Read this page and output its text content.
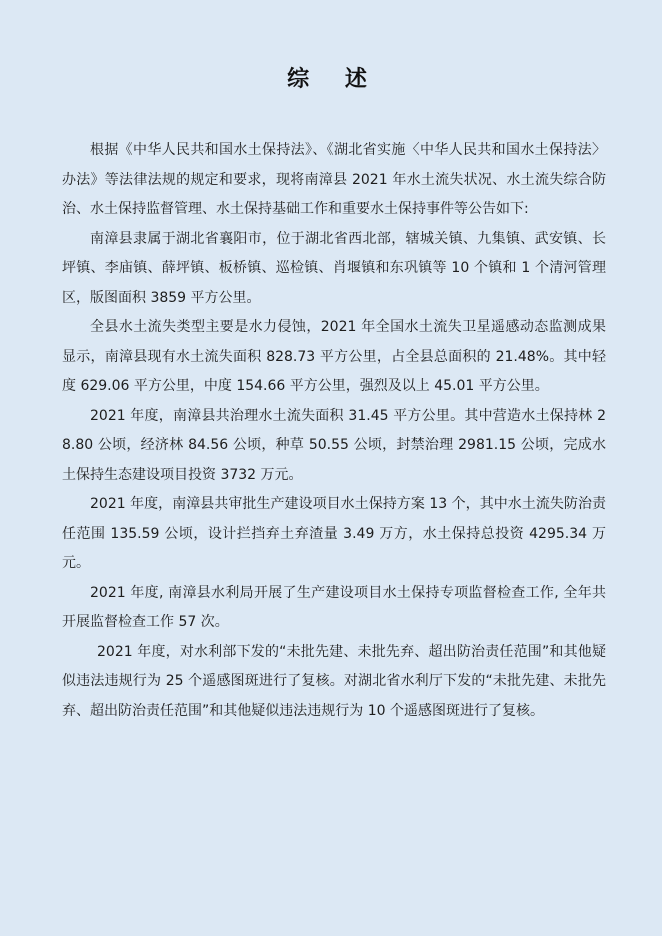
综 述

根据《中华人民共和国水土保持法》、《湖北省实施〈中华人民共和国水土保持法〉办法》等法律法规的规定和要求，现将南漳县 2021 年水土流失状况、水土流失综合防治、水土保持监督管理、水土保持基础工作和重要水土保持事件等公告如下:

南漳县隶属于湖北省襄阳市，位于湖北省西北部，辖城关镇、九集镇、武安镇、长坪镇、李庙镇、薛坪镇、板桥镇、巡检镇、肖堰镇和东巩镇等 10 个镇和 1 个清河管理区，版图面积 3859 平方公里。

全县水土流失类型主要是水力侵蚀，2021 年全国水土流失卫星遥感动态监测成果显示，南漳县现有水土流失面积 828.73 平方公里，占全县总面积的 21.48%。其中轻度 629.06 平方公里，中度 154.66 平方公里，强烈及以上 45.01 平方公里。

2021 年度，南漳县共治理水土流失面积 31.45 平方公里。其中营造水土保持林 28.80 公顷，经济林 84.56 公顷，种草 50.55 公顷，封禁治理 2981.15 公顷，完成水土保持生态建设项目投资 3732 万元。

2021 年度，南漳县共审批生产建设项目水土保持方案 13 个，其中水土流失防治责任范围 135.59 公顷，设计拦挡弃土弃渣量 3.49 万方，水土保持总投资 4295.34 万元。

2021 年度, 南漳县水利局开展了生产建设项目水土保持专项监督检查工作, 全年共开展监督检查工作 57 次。

2021 年度，对水利部下发的“未批先建、未批先弃、超出防治责任范围”和其他疑似违法违规行为 25 个遥感图斑进行了复核。对湖北省水利厅下发的“未批先建、未批先弃、超出防治责任范围”和其他疑似违法违规行为 10 个遥感图斑进行了复核。
